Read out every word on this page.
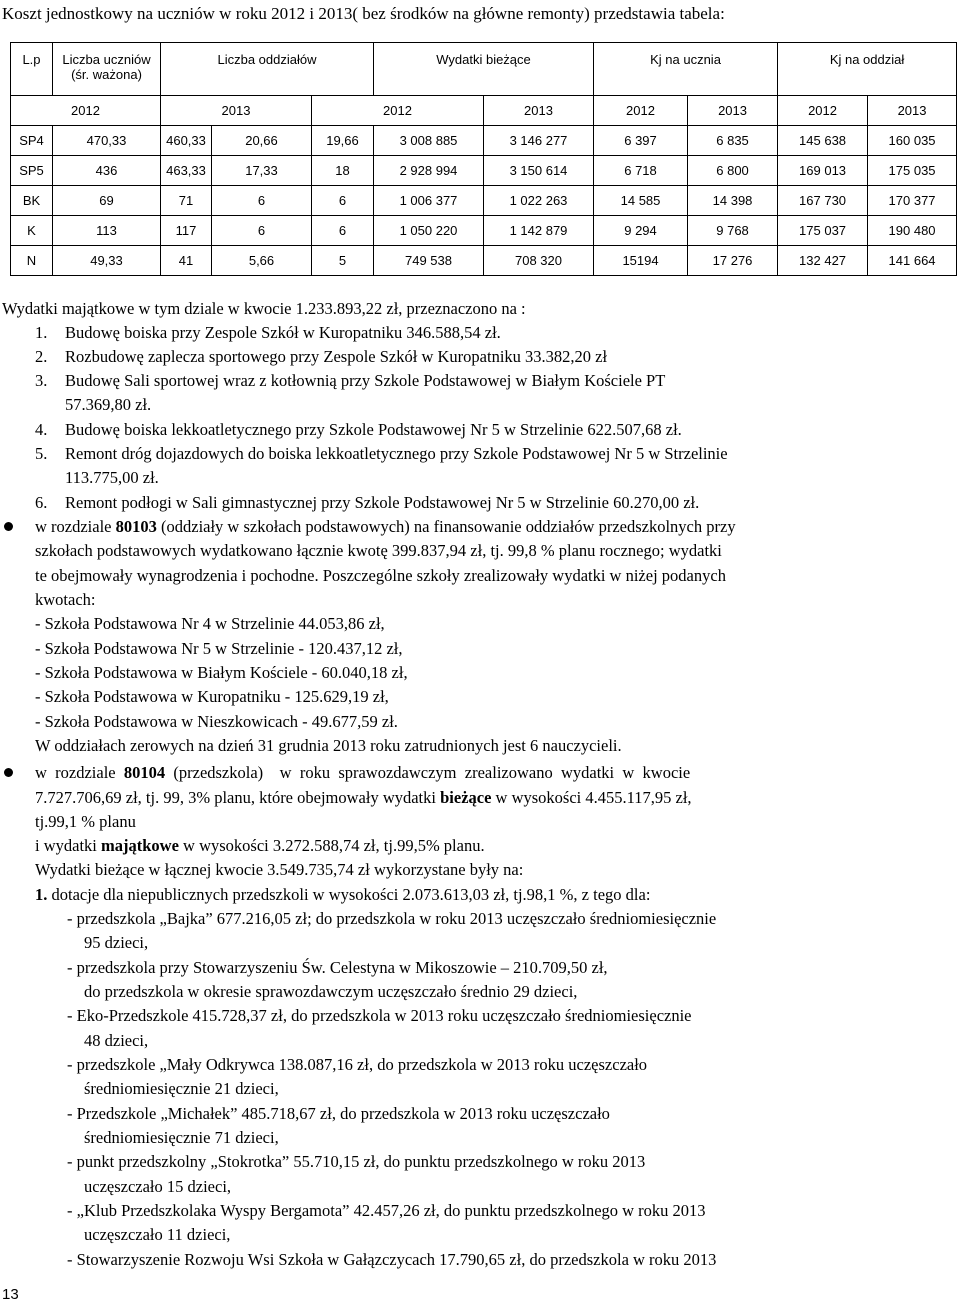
Koszt jednostkowy na uczniów w roku 2012 i 2013( bez środków na główne remonty) przedstawia tabela:
L.p	Liczba uczniów (śr. ważona)	Liczba oddziałów			Wydatki bieżące		Kj na ucznia		Kj na oddział		
2012		2013		2012		2013	2012	2013	2012	2013		
SP4	470,33	460,33	20,66	19,66	3 008 885	3 146 277	6 397	6 835	145 638	160 035	
SP5	436	463,33	17,33	18	2 928 994	3 150 614	6 718	6 800	169 013	175 035	
BK	69	71	6	6	1 006 377	1 022 263	14 585	14 398	167 730	170 377	
K	113	117	6	6	1 050 220	1 142 879	9 294	9 768	175 037	190 480	
N	49,33	41	5,66	5	749 538	708 320	15194	17 276	132 427	141 664	
Wydatki majątkowe w tym dziale w kwocie 1.233.893,22 zł, przeznaczono na :
1. Budowę boiska przy Zespole Szkół w Kuropatniku 346.588,54 zł.
2. Rozbudowę zaplecza sportowego przy Zespole Szkół w Kuropatniku 33.382,20 zł
3. Budowę Sali sportowej wraz z kotłownią przy Szkole Podstawowej w Białym Kościele PT
57.369,80 zł.
4. Budowę boiska lekkoatletycznego przy Szkole Podstawowej Nr 5 w Strzelinie 622.507,68 zł.
5. Remont dróg dojazdowych do boiska lekkoatletycznego przy Szkole Podstawowej Nr 5 w Strzelinie
113.775,00 zł.
6. Remont podłogi w Sali gimnastycznej przy Szkole Podstawowej Nr 5 w Strzelinie 60.270,00 zł.
w rozdziale 80103 (oddziały w szkołach podstawowych) na finansowanie oddziałów przedszkolnych przy
szkołach podstawowych wydatkowano łącznie kwotę 399.837,94 zł, tj. 99,8 % planu rocznego; wydatki
te obejmowały wynagrodzenia i pochodne. Poszczególne szkoły zrealizowały wydatki w niżej podanych
kwotach:
- Szkoła Podstawowa Nr 4 w Strzelinie 44.053,86 zł,
- Szkoła Podstawowa Nr 5 w Strzelinie - 120.437,12 zł,
- Szkoła Podstawowa w Białym Kościele - 60.040,18 zł,
- Szkoła Podstawowa w Kuropatniku - 125.629,19 zł,
- Szkoła Podstawowa w Nieszkowicach - 49.677,59 zł.
W oddziałach zerowych na dzień 31 grudnia 2013 roku zatrudnionych jest 6 nauczycieli.
w  rozdziale  80104  (przedszkola)    w  roku  sprawozdawczym  zrealizowano  wydatki  w  kwocie
7.727.706,69 zł, tj. 99, 3% planu, które obejmowały wydatki bieżące w wysokości 4.455.117,95 zł,
tj.99,1 % planu
i wydatki majątkowe w wysokości 3.272.588,74 zł, tj.99,5% planu.
Wydatki bieżące w łącznej kwocie 3.549.735,74 zł wykorzystane były na:
1. dotacje dla niepublicznych przedszkoli w wysokości 2.073.613,03 zł, tj.98,1 %, z tego dla:
- przedszkola „Bajka” 677.216,05 zł; do przedszkola w roku 2013 uczęszczało średniomiesięcznie
95 dzieci,
- przedszkola przy Stowarzyszeniu Św. Celestyna w Mikoszowie – 210.709,50 zł,
do przedszkola w okresie sprawozdawczym uczęszczało średnio 29 dzieci,
- Eko-Przedszkole 415.728,37 zł, do przedszkola w 2013 roku uczęszczało średniomiesięcznie
48 dzieci,
- przedszkole „Mały Odkrywca 138.087,16 zł, do przedszkola w 2013 roku uczęszczało
średniomiesięcznie 21 dzieci,
- Przedszkole „Michałek” 485.718,67 zł, do przedszkola w 2013 roku uczęszczało
średniomiesięcznie 71 dzieci,
- punkt przedszkolny „Stokrotka” 55.710,15 zł, do punktu przedszkolnego w roku 2013
uczęszczało 15 dzieci,
- „Klub Przedszkolaka Wyspy Bergamota” 42.457,26 zł, do punktu przedszkolnego w roku 2013
uczęszczało 11 dzieci,
- Stowarzyszenie Rozwoju Wsi Szkoła w Gałązczycach 17.790,65 zł, do przedszkola w roku 2013
13
